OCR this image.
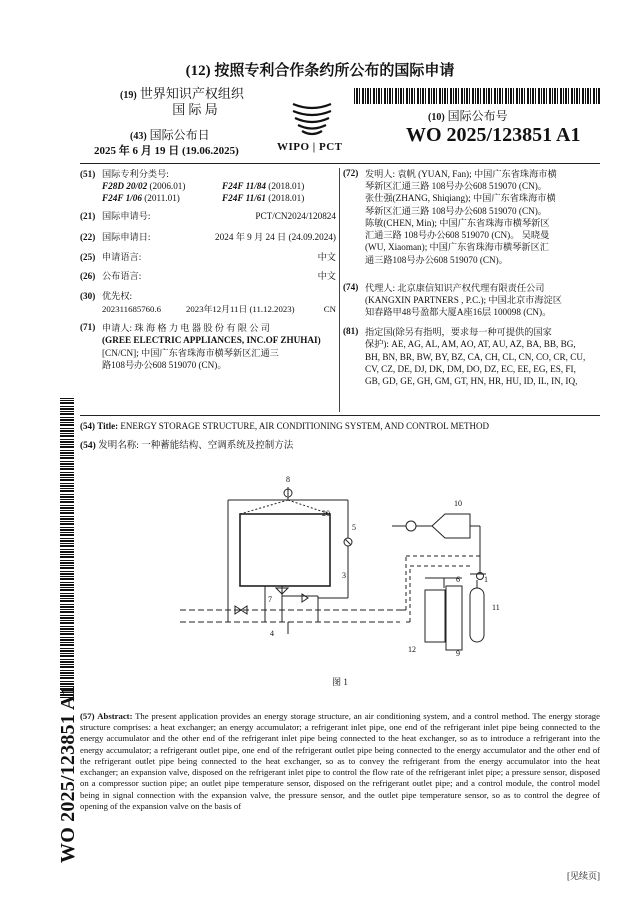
(12) 按照专利合作条约所公布的国际申请
(19) 世界知识产权组织
国 际 局
(43) 国际公布日
2025 年 6 月 19 日 (19.06.2025)	WIPO | PCT
(10) 国际公布号
WO 2025/123851 A1
(51) 国际专利分类号:
F28D 20/02 (2006.01)	F24F 11/84 (2018.01)
F24F 1/06 (2011.01)	F24F 11/61 (2018.01)
(21) 国际申请号:	PCT/CN2024/120824
(22) 国际申请日:	2024 年 9 月 24 日 (24.09.2024)
(25) 申请语言:	中文
(26) 公布语言:	中文
(30) 优先权:
202311685760.6	2023年12月11日 (11.12.2023)	CN
(71) 申请人: 珠 海 格 力 电 器 股 份 有 限 公 司
(GREE ELECTRIC APPLIANCES, INC.OF ZHUHAI)
[CN/CN]; 中国广东省珠海市横琴新区汇通三
路108号办公608 519070 (CN)。
(72) 发明人: 袁帆 (YUAN, Fan); 中国广东省珠海市横
琴新区汇通三路 108号办公608 519070 (CN)。
张仕强(ZHANG, Shiqiang); 中国广东省珠海市横
琴新区汇通三路 108号办公608 519070 (CN)。
陈敏(CHEN, Min); 中国广东省珠海市横琴新区
汇通三路 108号办公608 519070 (CN)。 吴晓曼
(WU, Xiaoman); 中国广东省珠海市横琴新区汇
通三路108号办公608 519070 (CN)。
(74) 代理人: 北京康信知识产权代理有限责任公司
(KANGXIN PARTNERS , P.C.); 中国北京市海淀区
知春路甲48号盈都大厦A座16层 100098 (CN)。
(81) 指定国(除另有指明，要求每一种可提供的国家
保护): AE, AG, AL, AM, AO, AT, AU, AZ, BA, BB, BG,
BH, BN, BR, BW, BY, BZ, CA, CH, CL, CN, CO, CR, CU,
CV, CZ, DE, DJ, DK, DM, DO, DZ, EC, EE, EG, ES, FI,
GB, GD, GE, GH, GM, GT, HN, HR, HU, ID, IL, IN, IQ,
(54) Title: ENERGY STORAGE STRUCTURE, AIR CONDITIONING SYSTEM, AND CONTROL METHOD
(54) 发明名称: 一种蓄能结构、空调系统及控制方法
8
20
5
3
7
4
10
6	1
11
12	9
图 1
(57) Abstract: The present application provides an energy storage structure, an air conditioning system, and a control method. The energy storage structure comprises: a heat exchanger; an energy accumulator; a refrigerant inlet pipe, one end of the refrigerant inlet pipe being connected to the energy accumulator and the other end of the refrigerant inlet pipe being connected to the heat exchanger, so as to introduce a refrigerant into the energy accumulator; a refrigerant outlet pipe, one end of the refrigerant outlet pipe being connected to the energy accumulator and the other end of the refrigerant outlet pipe being connected to the heat exchanger, so as to convey the refrigerant from the energy accumulator into the heat exchanger; an expansion valve, disposed on the refrigerant inlet pipe to control the flow rate of the refrigerant inlet pipe; a pressure sensor, disposed on a compressor suction pipe; an outlet pipe temperature sensor, disposed on the refrigerant outlet pipe; and a control module, the control model being in signal connection with the expansion valve, the pressure sensor, and the outlet pipe temperature sensor, so as to control the degree of opening of the expansion valve on the basis of
WO 2025/123851 A1
[见续页]
